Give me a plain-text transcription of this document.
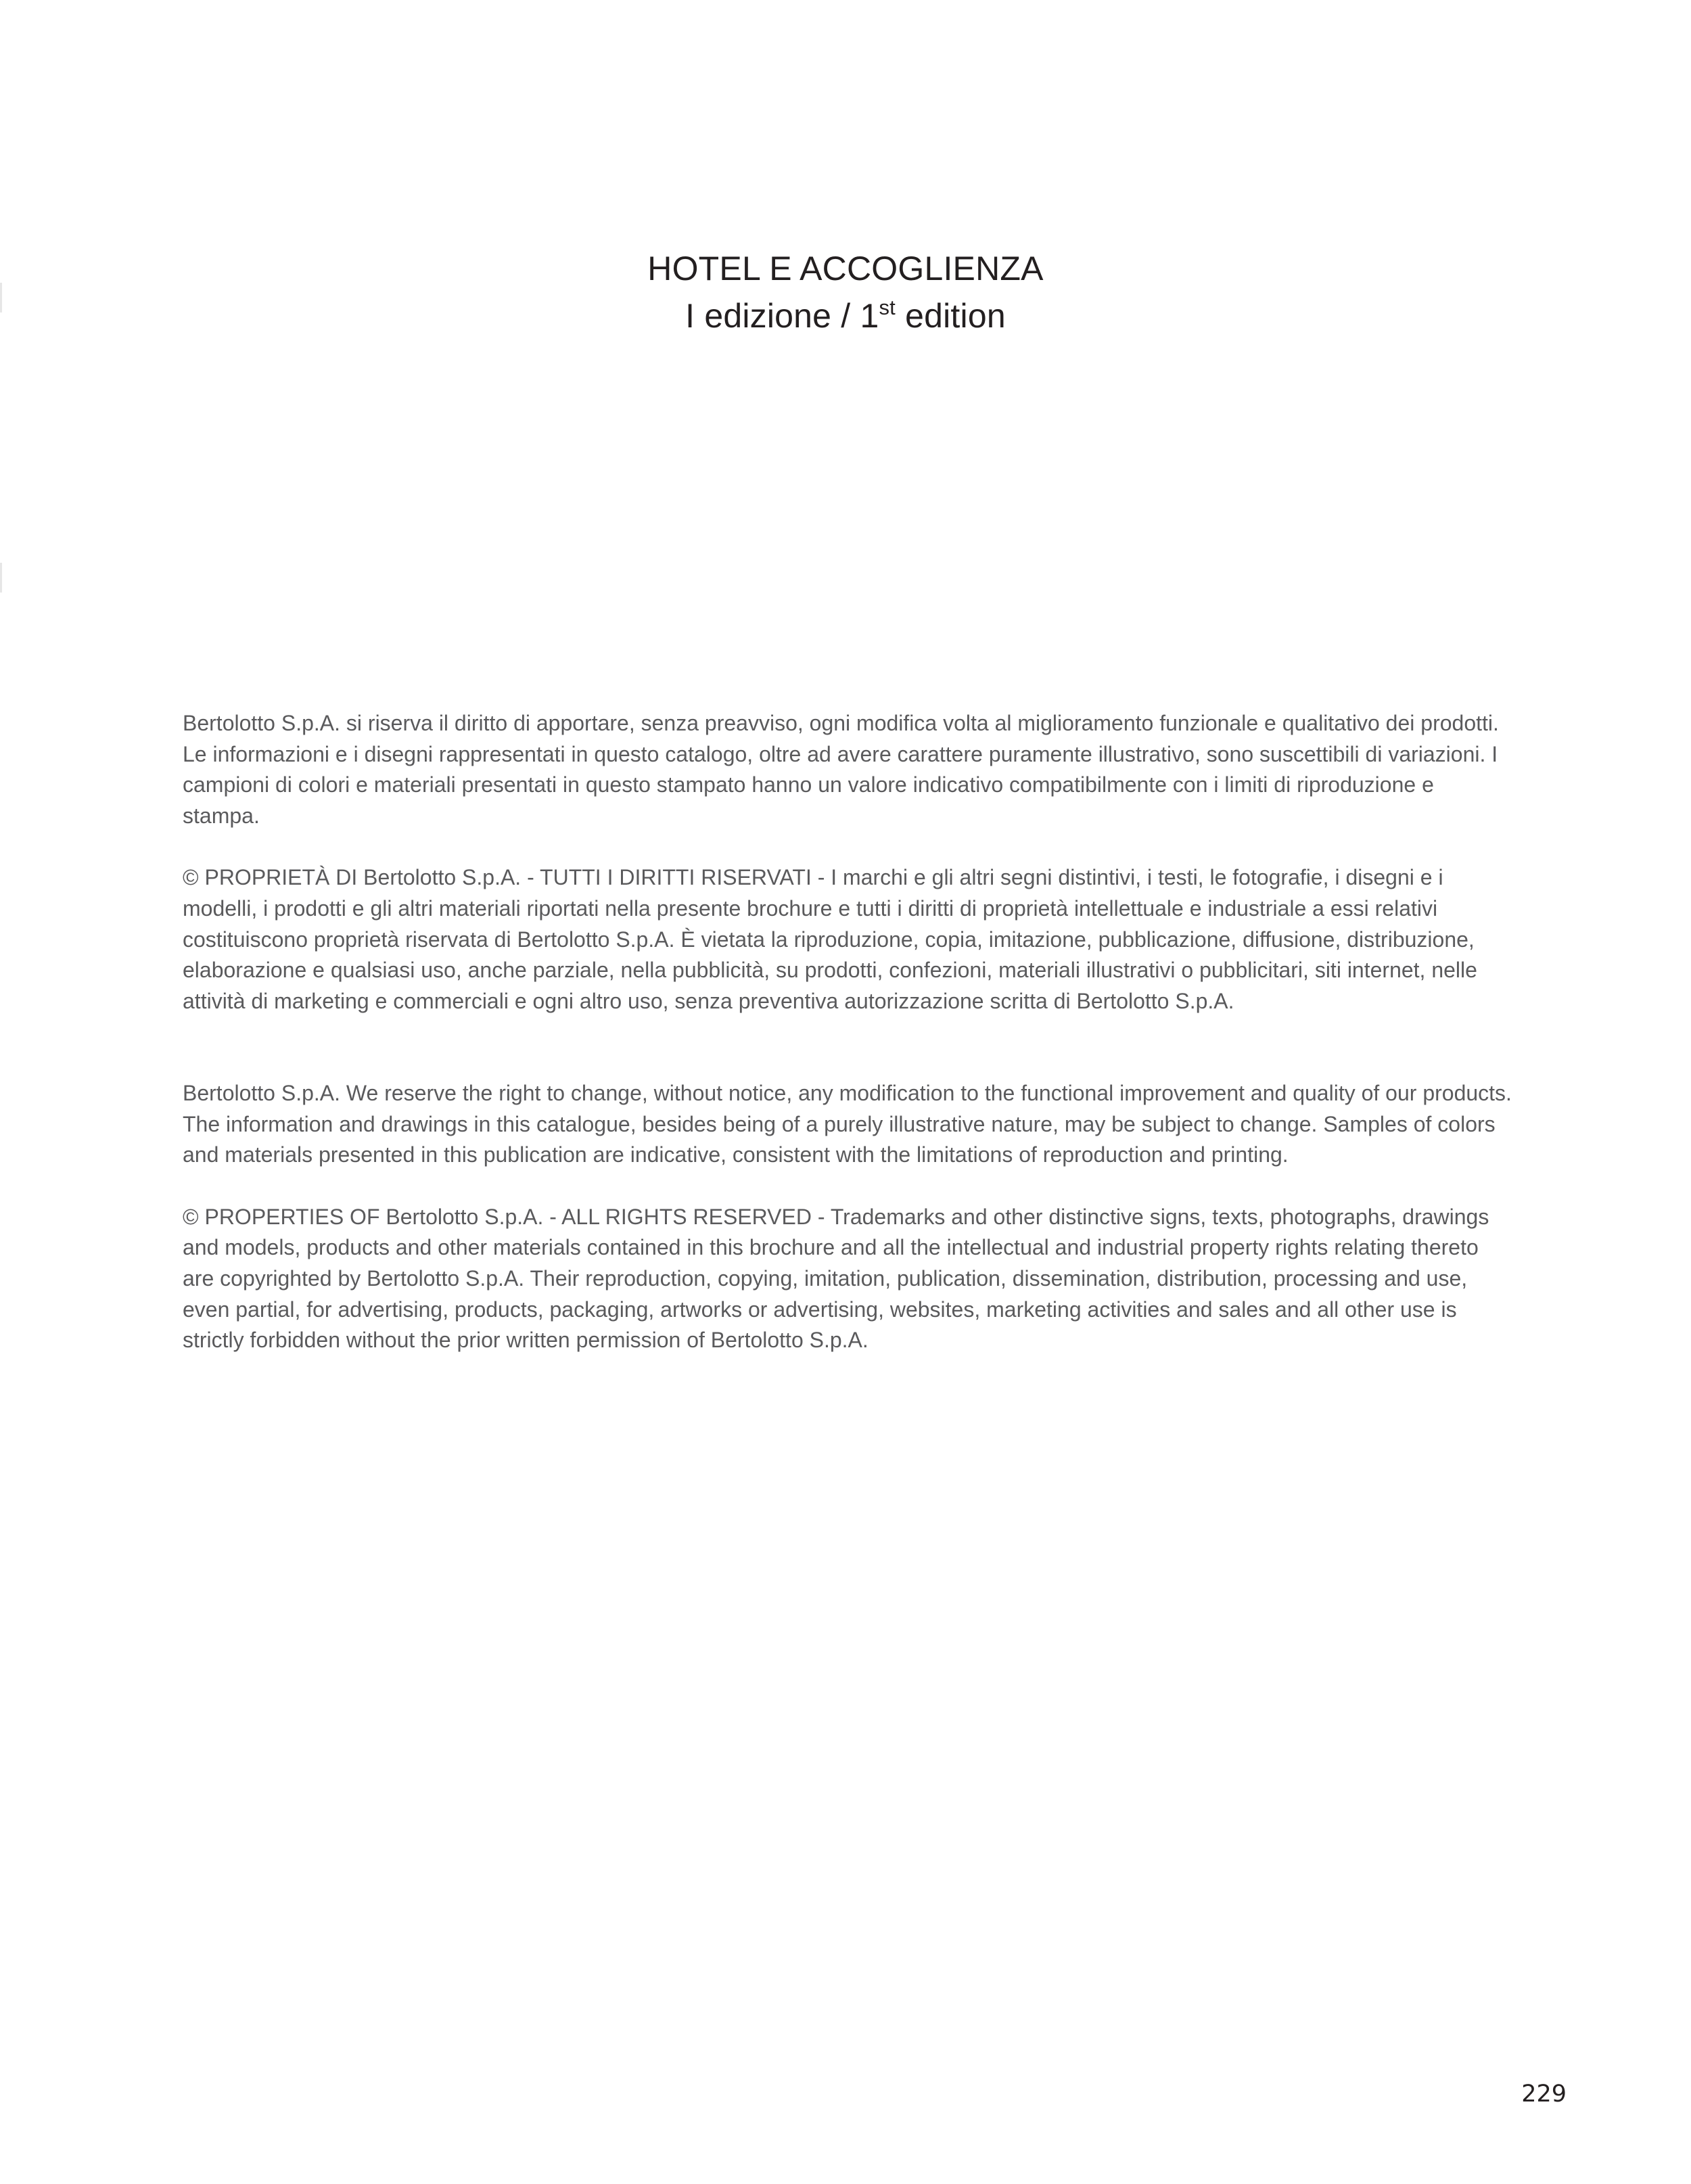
HOTEL E ACCOGLIENZA
I edizione / 1st edition

Bertolotto S.p.A. si riserva il diritto di apportare, senza preavviso, ogni modifica volta al miglioramento funzionale e qualitativo dei prodotti. Le informazioni e i disegni rappresentati in questo catalogo, oltre ad avere carattere puramente illustrativo, sono suscettibili di variazioni. I campioni di colori e materiali presentati in questo stampato hanno un valore indicativo compatibilmente con i limiti di riproduzione e stampa.

© PROPRIETÀ DI Bertolotto S.p.A. - TUTTI I DIRITTI RISERVATI - I marchi e gli altri segni distintivi, i testi, le fotografie, i disegni e i modelli, i prodotti e gli altri materiali riportati nella presente brochure e tutti i diritti di proprietà intellettuale e industriale a essi relativi costituiscono proprietà riservata di Bertolotto S.p.A. È vietata la riproduzione, copia, imitazione, pubblicazione, diffusione, distribuzione, elaborazione e qualsiasi uso, anche parziale, nella pubblicità, su prodotti, confezioni, materiali illustrativi o pubblicitari, siti internet, nelle attività di marketing e commerciali e ogni altro uso, senza preventiva autorizzazione scritta di Bertolotto S.p.A.

Bertolotto S.p.A. We reserve the right to change, without notice, any modification to the functional improvement and quality of our products. The information and drawings in this catalogue, besides being of a purely illustrative nature, may be subject to change. Samples of colors and materials presented in this publication are indicative, consistent with the limitations of reproduction and printing.

© PROPERTIES OF Bertolotto S.p.A. - ALL RIGHTS RESERVED - Trademarks and other distinctive signs, texts, photographs, drawings and models, products and other materials contained in this brochure and all the intellectual and industrial property rights relating thereto are copyrighted by Bertolotto S.p.A. Their reproduction, copying, imitation, publication, dissemination, distribution, processing and use, even partial, for advertising, products, packaging, artworks or advertising, websites, marketing activities and sales and all other use is strictly forbidden without the prior written permission of Bertolotto S.p.A.

229
